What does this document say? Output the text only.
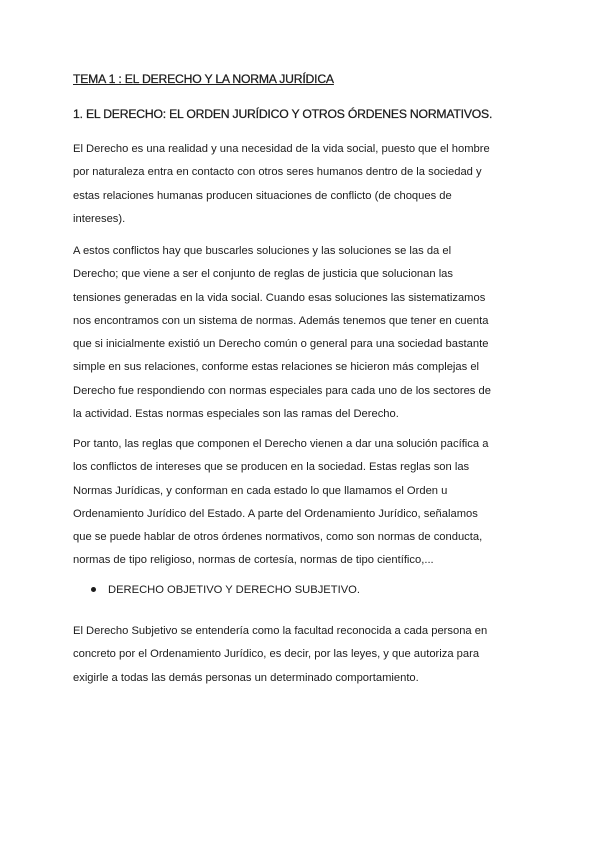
TEMA 1 : EL DERECHO Y LA NORMA JURÍDICA
1. EL DERECHO: EL ORDEN JURÍDICO Y OTROS ÓRDENES NORMATIVOS.

El Derecho es una realidad y una necesidad de la vida social, puesto que el hombre
por naturaleza entra en contacto con otros seres humanos dentro de la sociedad y
estas relaciones humanas producen situaciones de conflicto (de choques de
intereses).

A estos conflictos hay que buscarles soluciones y las soluciones se las da el
Derecho; que viene a ser el conjunto de reglas de justicia que solucionan las
tensiones generadas en la vida social. Cuando esas soluciones las sistematizamos
nos encontramos con un sistema de normas. Además tenemos que tener en cuenta
que si inicialmente existió un Derecho común o general para una sociedad bastante
simple en sus relaciones, conforme estas relaciones se hicieron más complejas el
Derecho fue respondiendo con normas especiales para cada uno de los sectores de
la actividad. Estas normas especiales son las ramas del Derecho.

Por tanto, las reglas que componen el Derecho vienen a dar una solución pacífica a
los conflictos de intereses que se producen en la sociedad. Estas reglas son las
Normas Jurídicas, y conforman en cada estado lo que llamamos el Orden u
Ordenamiento Jurídico del Estado. A parte del Ordenamiento Jurídico, señalamos
que se puede hablar de otros órdenes normativos, como son normas de conducta,
normas de tipo religioso, normas de cortesía, normas de tipo científico,...

DERECHO OBJETIVO Y DERECHO SUBJETIVO.

El Derecho Subjetivo se entendería como la facultad reconocida a cada persona en
concreto por el Ordenamiento Jurídico, es decir, por las leyes, y que autoriza para
exigirle a todas las demás personas un determinado comportamiento.
